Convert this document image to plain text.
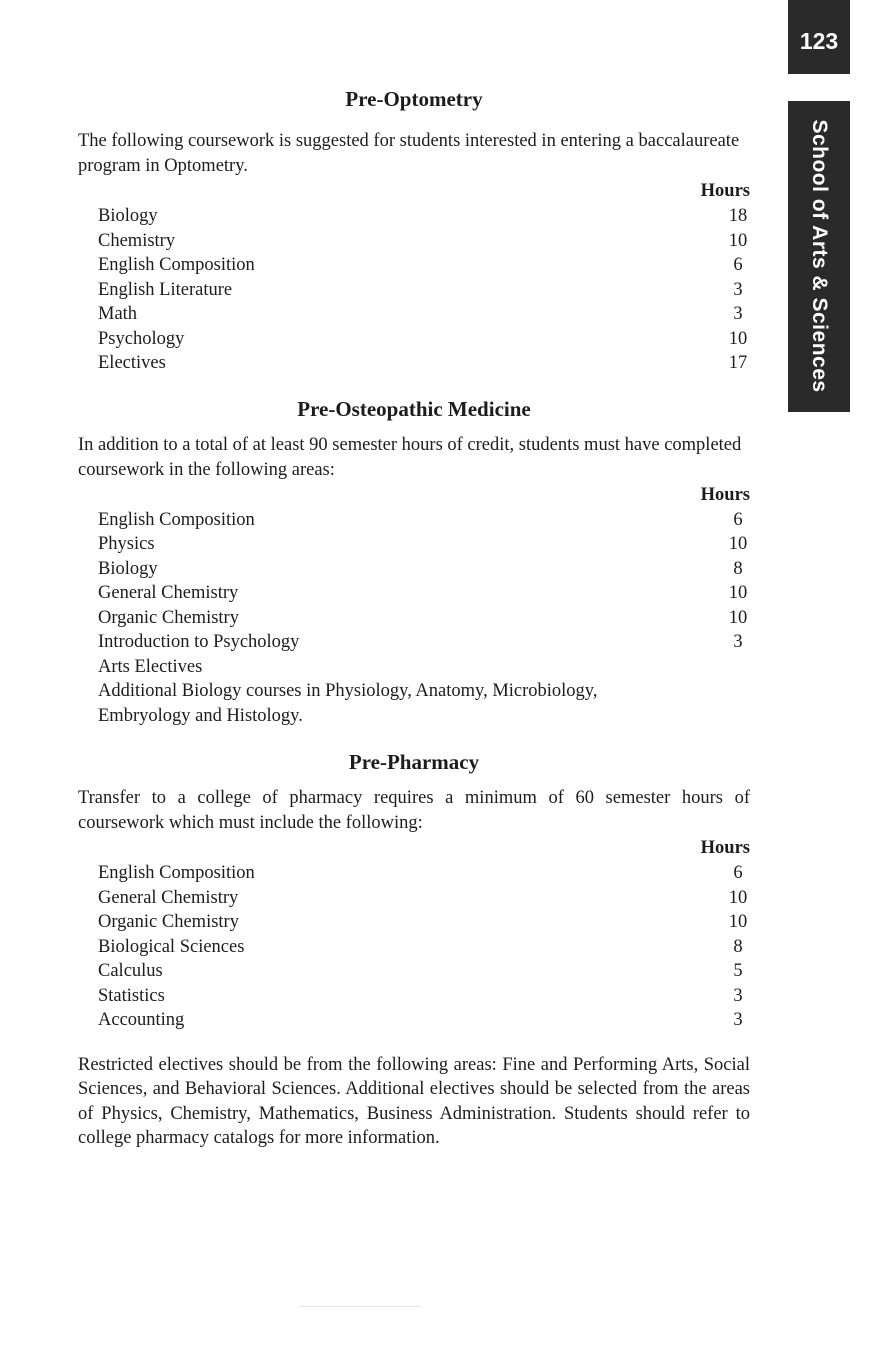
123
School of Arts & Sciences
Pre-Optometry

The following coursework is suggested for students interested in entering a baccalaureate program in Optometry.

Hours
Biology	18
Chemistry	10
English Composition	6
English Literature	3
Math	3
Psychology	10
Electives	17
Pre-Osteopathic Medicine

In addition to a total of at least 90 semester hours of credit, students must have completed coursework in the following areas:

Hours
English Composition	6
Physics	10
Biology	8
General Chemistry	10
Organic Chemistry	10
Introduction to Psychology	3
Arts Electives
Additional Biology courses in Physiology, Anatomy, Microbiology,
Embryology and Histology.
Pre-Pharmacy

Transfer to a college of pharmacy requires a minimum of 60 semester hours of coursework which must include the following:

Hours
English Composition	6
General Chemistry	10
Organic Chemistry	10
Biological Sciences	8
Calculus	5
Statistics	3
Accounting	3

Restricted electives should be from the following areas: Fine and Performing Arts, Social Sciences, and Behavioral Sciences. Additional electives should be selected from the areas of Physics, Chemistry, Mathematics, Business Administration. Students should refer to college pharmacy catalogs for more information.
